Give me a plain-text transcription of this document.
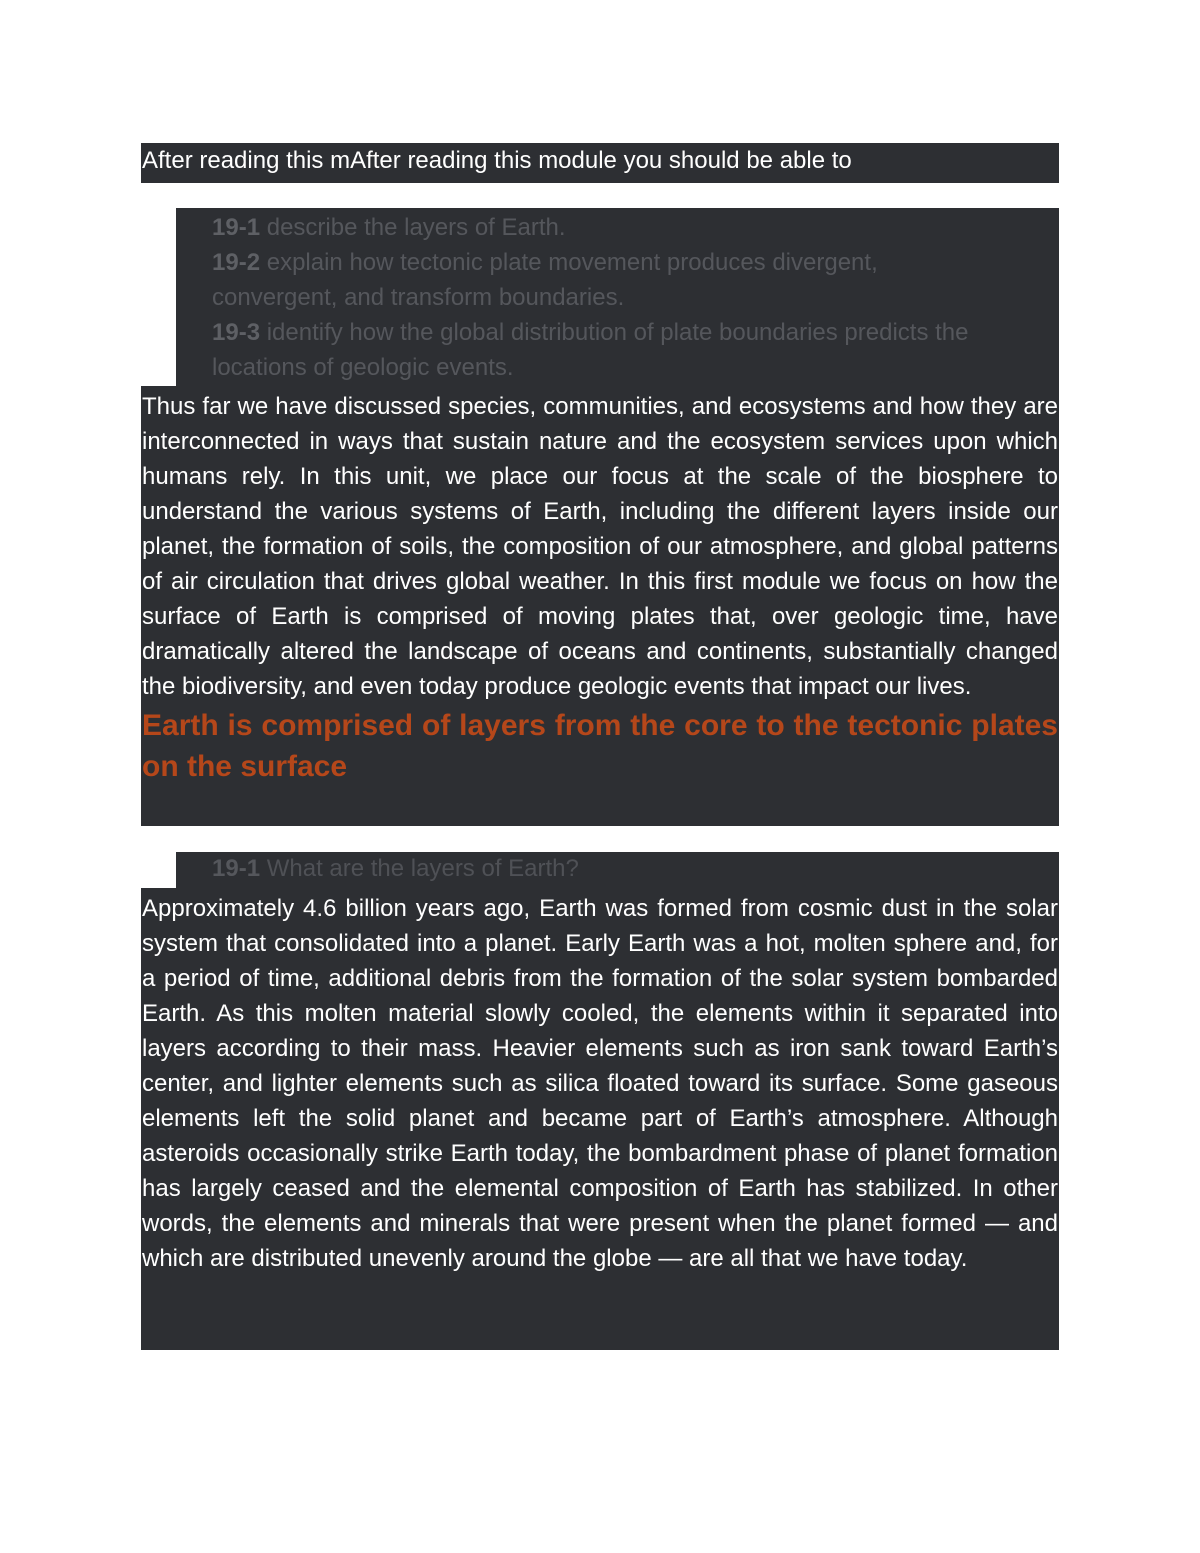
After reading this mAfter reading this module you should be able to
19-1 describe the layers of Earth.
19-2 explain how tectonic plate movement produces divergent,
convergent, and transform boundaries.
19-3 identify how the global distribution of plate boundaries predicts the
locations of geologic events.

Thus far we have discussed species, communities, and ecosystems and how they are interconnected in ways that sustain nature and the ecosystem services upon which humans rely. In this unit, we place our focus at the scale of the biosphere to understand the various systems of Earth, including the different layers inside our planet, the formation of soils, the composition of our atmosphere, and global patterns of air circulation that drives global weather. In this first module we focus on how the surface of Earth is comprised of moving plates that, over geologic time, have dramatically altered the landscape of oceans and continents, substantially changed the biodiversity, and even today produce geologic events that impact our lives.

Earth is comprised of layers from the core to the tectonic plates on the surface

19-1 What are the layers of Earth?

Approximately 4.6 billion years ago, Earth was formed from cosmic dust in the solar system that consolidated into a planet. Early Earth was a hot, molten sphere and, for a period of time, additional debris from the formation of the solar system bombarded Earth. As this molten material slowly cooled, the elements within it separated into layers according to their mass. Heavier elements such as iron sank toward Earth’s center, and lighter elements such as silica floated toward its surface. Some gaseous elements left the solid planet and became part of Earth’s atmosphere. Although asteroids occasionally strike Earth today, the bombardment phase of planet formation has largely ceased and the elemental composition of Earth has stabilized. In other words, the elements and minerals that were present when the planet formed — and which are distributed unevenly around the globe — are all that we have today.
